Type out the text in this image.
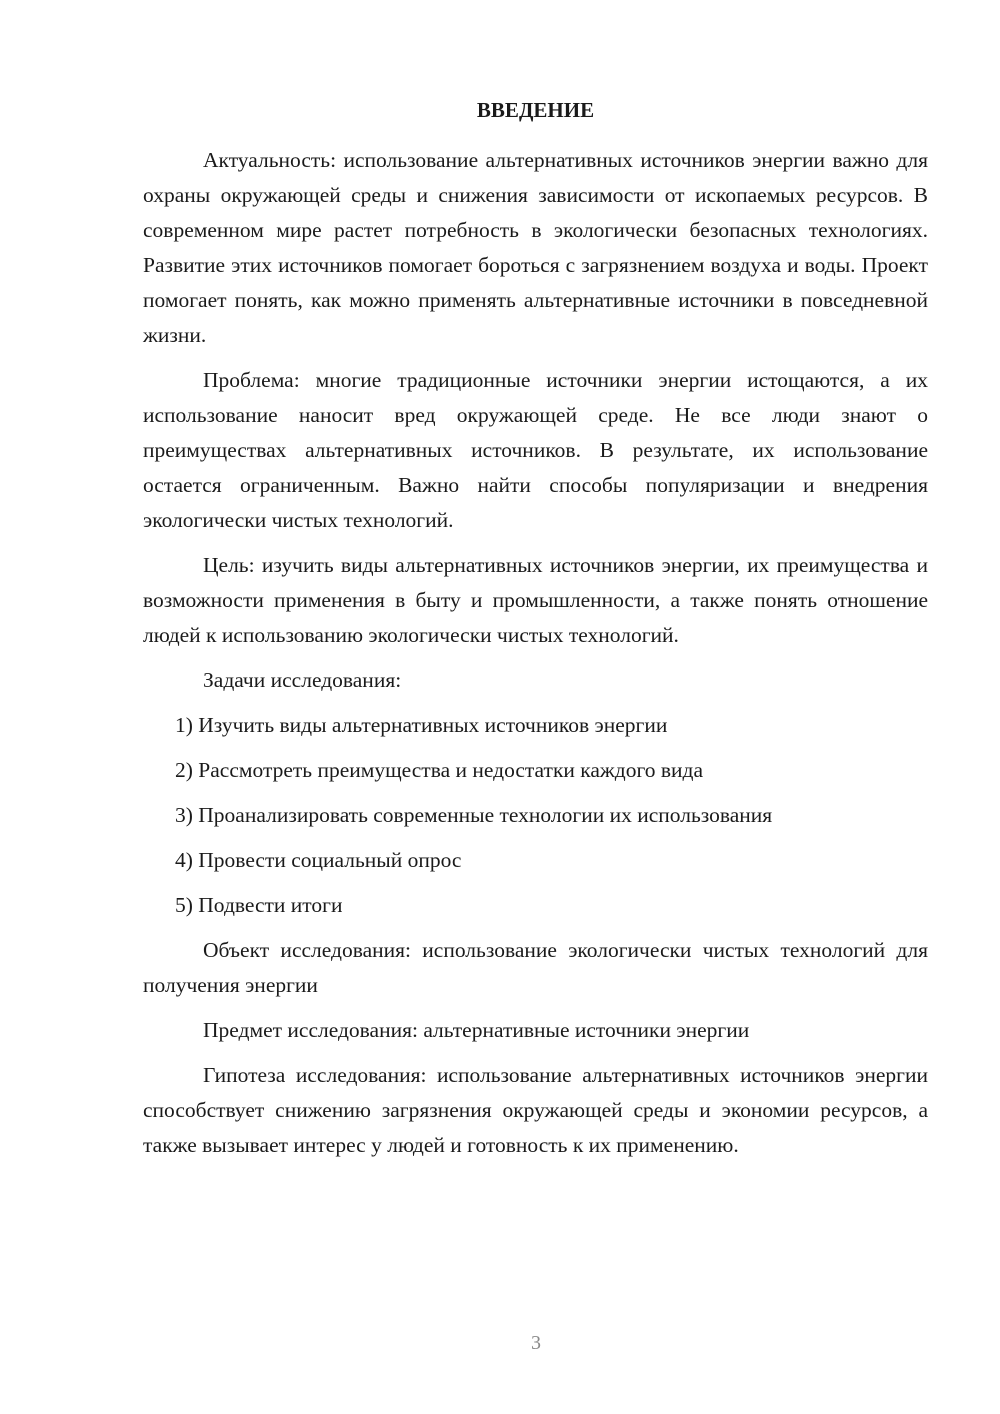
ВВЕДЕНИЕ

Актуальность: использование альтернативных источников энергии важно для охраны окружающей среды и снижения зависимости от ископаемых ресурсов. В современном мире растет потребность в экологически безопасных технологиях. Развитие этих источников помогает бороться с загрязнением воздуха и воды. Проект помогает понять, как можно применять альтернативные источники в повседневной жизни.

Проблема: многие традиционные источники энергии истощаются, а их использование наносит вред окружающей среде. Не все люди знают о преимуществах альтернативных источников. В результате, их использование остается ограниченным. Важно найти способы популяризации и внедрения экологически чистых технологий.

Цель: изучить виды альтернативных источников энергии, их преимущества и возможности применения в быту и промышленности, а также понять отношение людей к использованию экологически чистых технологий.

Задачи исследования:

1) Изучить виды альтернативных источников энергии

2) Рассмотреть преимущества и недостатки каждого вида

3) Проанализировать современные технологии их использования

4) Провести социальный опрос

5) Подвести итоги

Объект исследования: использование экологически чистых технологий для получения энергии

Предмет исследования: альтернативные источники энергии

Гипотеза исследования: использование альтернативных источников энергии способствует снижению загрязнения окружающей среды и экономии ресурсов, а также вызывает интерес у людей и готовность к их применению.

3
